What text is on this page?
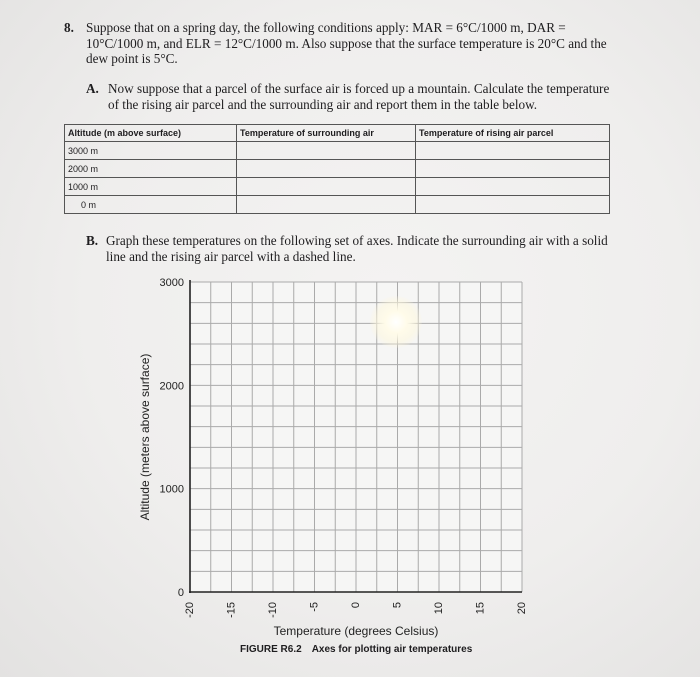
8. Suppose that on a spring day, the following conditions apply: MAR = 6°C/1000 m, DAR = 10°C/1000 m, and ELR = 12°C/1000 m. Also suppose that the surface temperature is 20°C and the dew point is 5°C.
A. Now suppose that a parcel of the surface air is forced up a mountain. Calculate the temperature of the rising air parcel and the surrounding air and report them in the table below.
Altitude (m above surface)	Temperature of surrounding air	Temperature of rising air parcel
3000 m		
2000 m		
1000 m		
0 m		
B. Graph these temperatures on the following set of axes. Indicate the surrounding air with a solid line and the rising air parcel with a dashed line.
-20	-15	-10	-5	0	5	10	15	20
0
1000
2000
3000
Temperature (degrees Celsius)
Altitude (meters above surface)
FIGURE R6.2 Axes for plotting air temperatures
